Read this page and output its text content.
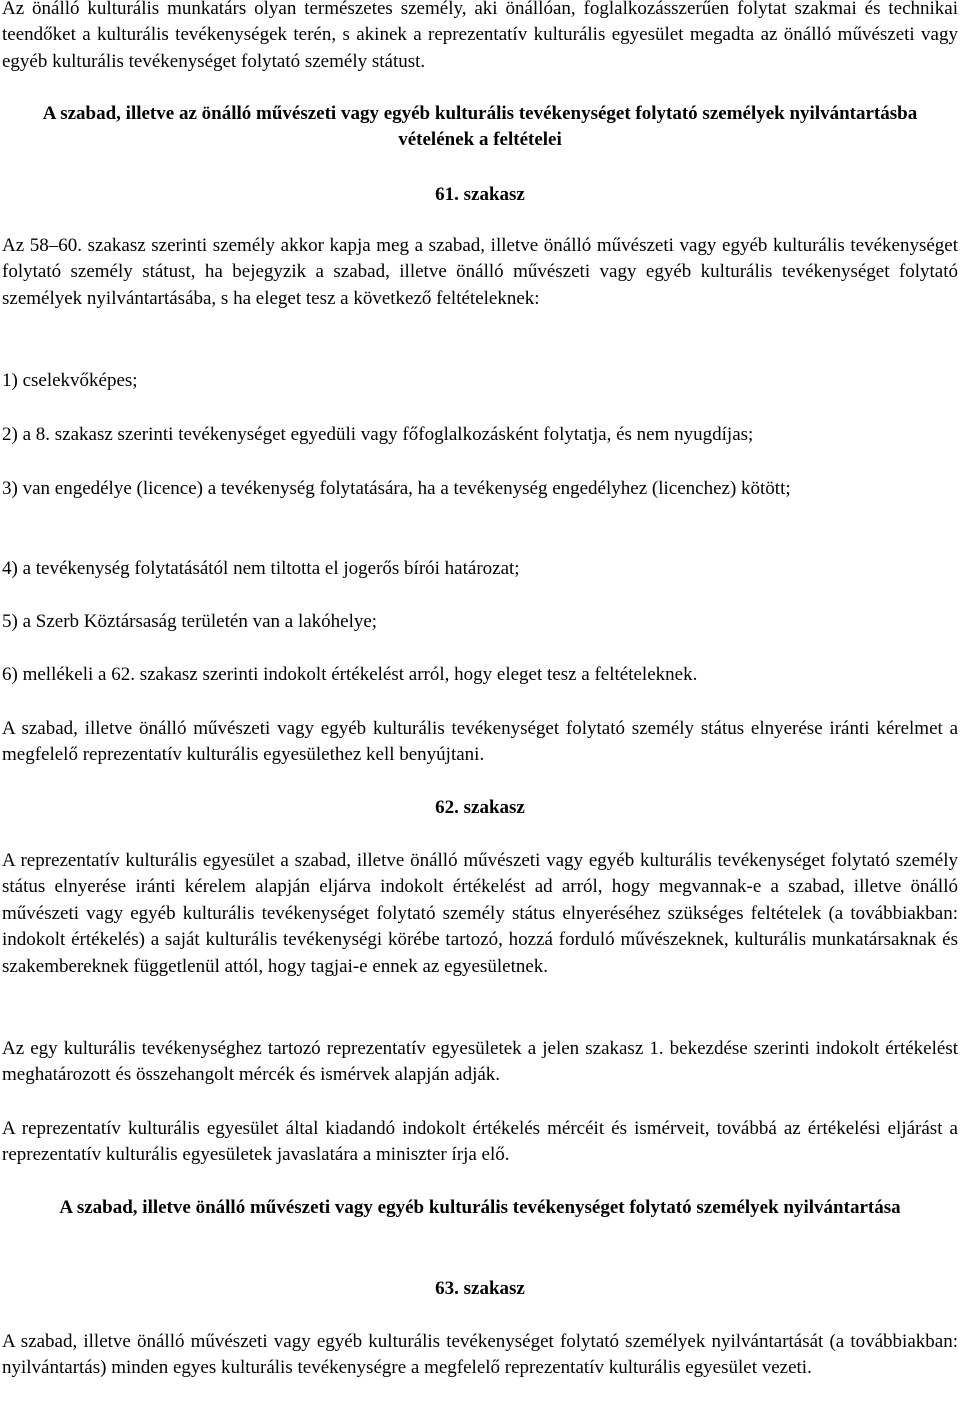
Az önálló kulturális munkatárs olyan természetes személy, aki önállóan, foglalkozásszerűen folytat szakmai és technikai teendőket a kulturális tevékenységek terén, s akinek a reprezentatív kulturális egyesület megadta az önálló művészeti vagy egyéb kulturális tevékenységet folytató személy státust.

A szabad, illetve az önálló művészeti vagy egyéb kulturális tevékenységet folytató személyek nyilvántartásba vételének a feltételei

61. szakasz

Az 58–60. szakasz szerinti személy akkor kapja meg a szabad, illetve önálló művészeti vagy egyéb kulturális tevékenységet folytató személy státust, ha bejegyzik a szabad, illetve önálló művészeti vagy egyéb kulturális tevékenységet folytató személyek nyilvántartásába, s ha eleget tesz a következő feltételeknek:

1) cselekvőképes;

2) a 8. szakasz szerinti tevékenységet egyedüli vagy főfoglalkozásként folytatja, és nem nyugdíjas;

3) van engedélye (licence) a tevékenység folytatására, ha a tevékenység engedélyhez (licenchez) kötött;

4) a tevékenység folytatásától nem tiltotta el jogerős bírói határozat;

5) a Szerb Köztársaság területén van a lakóhelye;

6) mellékeli a 62. szakasz szerinti indokolt értékelést arról, hogy eleget tesz a feltételeknek.

A szabad, illetve önálló művészeti vagy egyéb kulturális tevékenységet folytató személy státus elnyerése iránti kérelmet a megfelelő reprezentatív kulturális egyesülethez kell benyújtani.

62. szakasz

A reprezentatív kulturális egyesület a szabad, illetve önálló művészeti vagy egyéb kulturális tevékenységet folytató személy státus elnyerése iránti kérelem alapján eljárva indokolt értékelést ad arról, hogy megvannak-e a szabad, illetve önálló művészeti vagy egyéb kulturális tevékenységet folytató személy státus elnyeréséhez szükséges feltételek (a továbbiakban: indokolt értékelés) a saját kulturális tevékenységi körébe tartozó, hozzá forduló művészeknek, kulturális munkatársaknak és szakembereknek függetlenül attól, hogy tagjai-e ennek az egyesületnek.

Az egy kulturális tevékenységhez tartozó reprezentatív egyesületek a jelen szakasz 1. bekezdése szerinti indokolt értékelést meghatározott és összehangolt mércék és ismérvek alapján adják.

A reprezentatív kulturális egyesület által kiadandó indokolt értékelés mércéit és ismérveit, továbbá az értékelési eljárást a reprezentatív kulturális egyesületek javaslatára a miniszter írja elő.

A szabad, illetve önálló művészeti vagy egyéb kulturális tevékenységet folytató személyek nyilvántartása

63. szakasz

A szabad, illetve önálló művészeti vagy egyéb kulturális tevékenységet folytató személyek nyilvántartását (a továbbiakban: nyilvántartás) minden egyes kulturális tevékenységre a megfelelő reprezentatív kulturális egyesület vezeti.
